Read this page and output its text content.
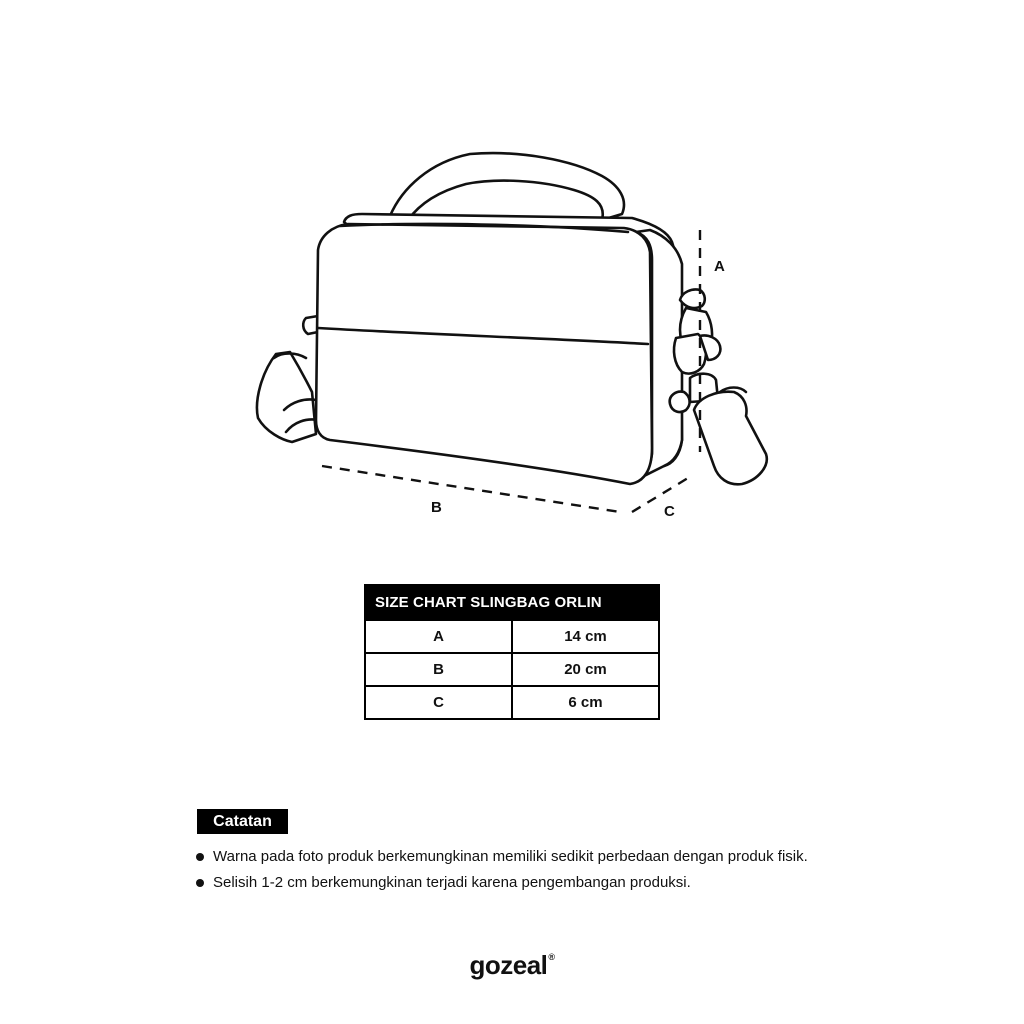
A
B	C
SIZE CHART SLINGBAG ORLIN	
A	14 cm
B	20 cm
C	6 cm
Catatan
Warna pada foto produk berkemungkinan memiliki sedikit perbedaan dengan produk fisik.
Selisih 1-2 cm berkemungkinan terjadi karena pengembangan produksi.
gozeal®
